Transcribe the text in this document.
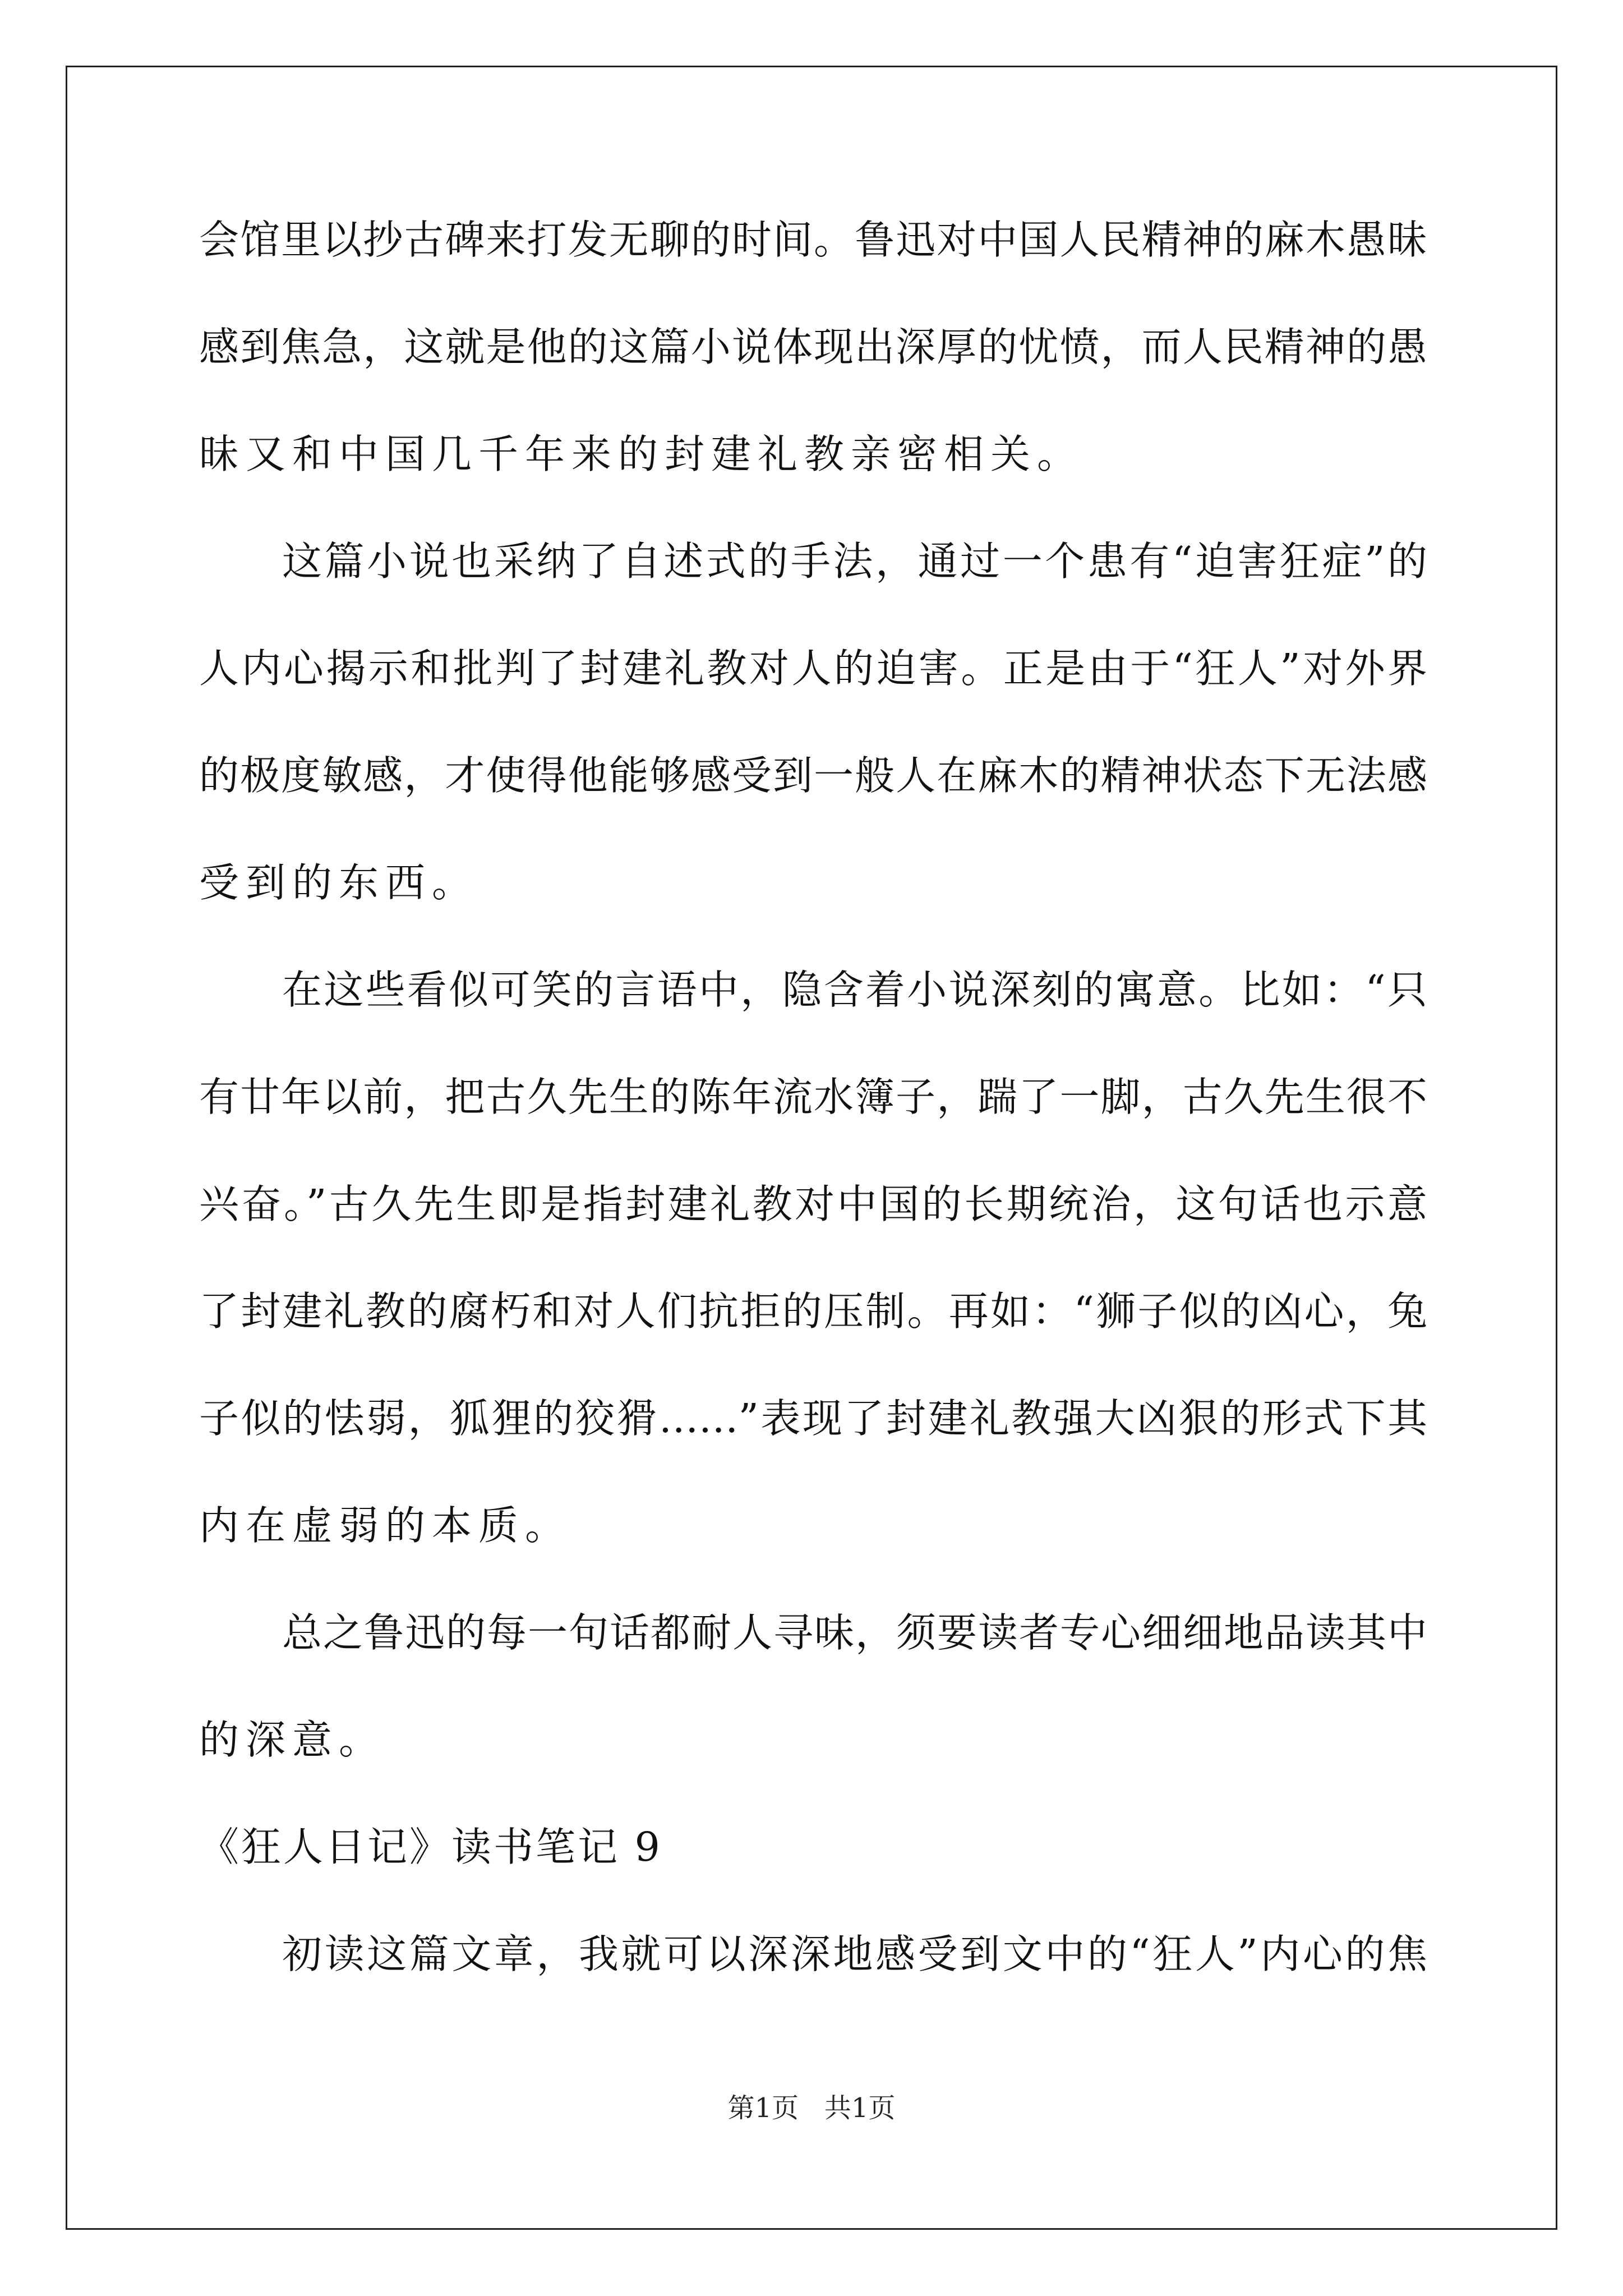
会馆里以抄古碑来打发无聊的时间。鲁迅对中国人民精神的麻木愚昧
感到焦急，这就是他的这篇小说体现出深厚的忧愤，而人民精神的愚
昧又和中国几千年来的封建礼教亲密相关。
这篇小说也采纳了自述式的手法，通过一个患有“迫害狂症”的
人内心揭示和批判了封建礼教对人的迫害。正是由于“狂人”对外界
的极度敏感，才使得他能够感受到一般人在麻木的精神状态下无法感
受到的东西。
在这些看似可笑的言语中，隐含着小说深刻的寓意。比如：“只
有廿年以前，把古久先生的陈年流水簿子，踹了一脚，古久先生很不
兴奋。”古久先生即是指封建礼教对中国的长期统治，这句话也示意
了封建礼教的腐朽和对人们抗拒的压制。再如：“狮子似的凶心，兔
子似的怯弱，狐狸的狡猾……”表现了封建礼教强大凶狠的形式下其
内在虚弱的本质。
总之鲁迅的每一句话都耐人寻味，须要读者专心细细地品读其中
的深意。
《狂人日记》读书笔记 9
初读这篇文章，我就可以深深地感受到文中的“狂人”内心的焦
第1页   共1页
